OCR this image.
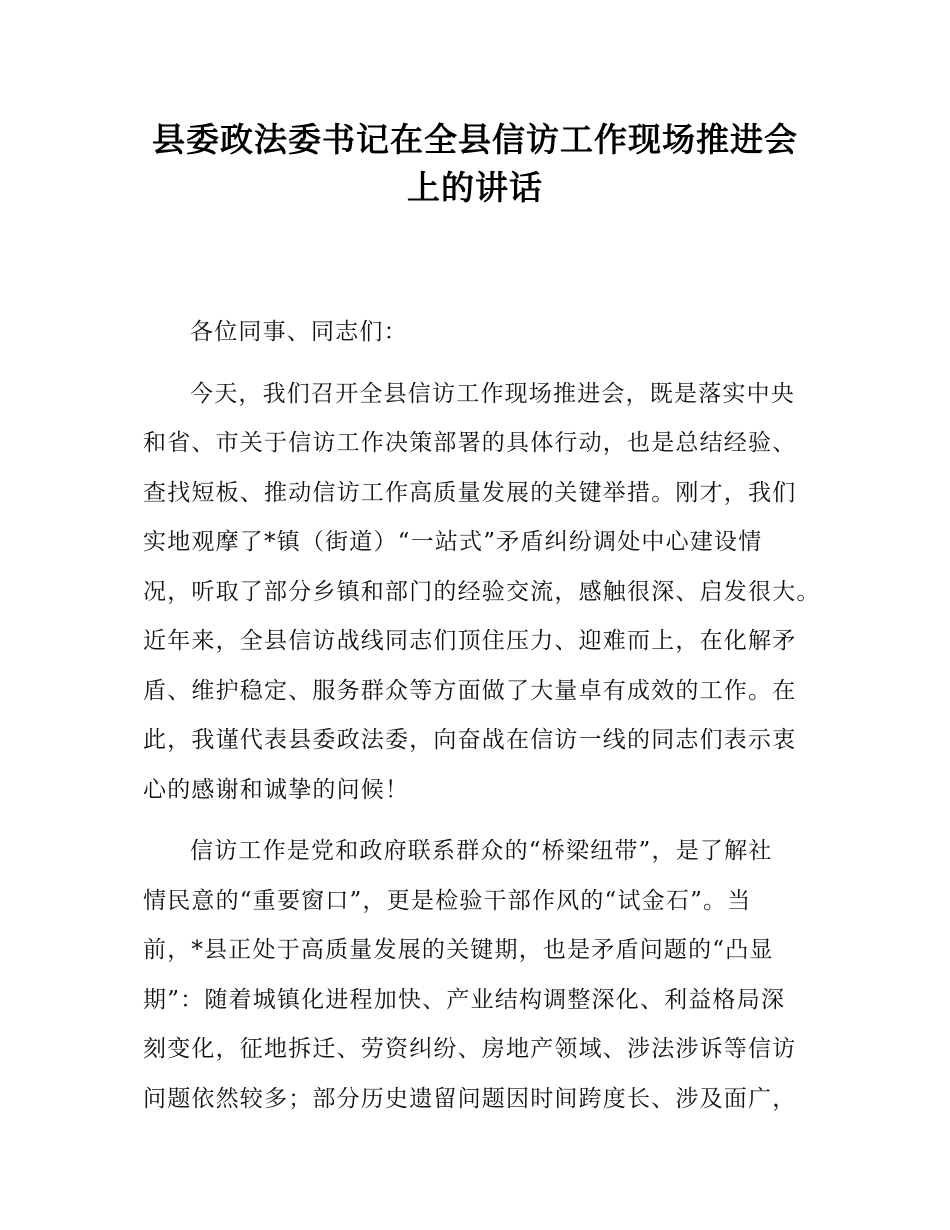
县委政法委书记在全县信访工作现场推进会
上的讲话
各位同事、同志们：
今天，我们召开全县信访工作现场推进会，既是落实中央
和省、市关于信访工作决策部署的具体行动，也是总结经验、
查找短板、推动信访工作高质量发展的关键举措。刚才，我们
实地观摩了*镇（街道）“一站式”矛盾纠纷调处中心建设情
况，听取了部分乡镇和部门的经验交流，感触很深、启发很大。
近年来，全县信访战线同志们顶住压力、迎难而上，在化解矛
盾、维护稳定、服务群众等方面做了大量卓有成效的工作。在
此，我谨代表县委政法委，向奋战在信访一线的同志们表示衷
心的感谢和诚挚的问候！
信访工作是党和政府联系群众的“桥梁纽带”，是了解社
情民意的“重要窗口”，更是检验干部作风的“试金石”。当
前，*县正处于高质量发展的关键期，也是矛盾问题的“凸显
期”：随着城镇化进程加快、产业结构调整深化、利益格局深
刻变化，征地拆迁、劳资纠纷、房地产领域、涉法涉诉等信访
问题依然较多；部分历史遗留问题因时间跨度长、涉及面广，
